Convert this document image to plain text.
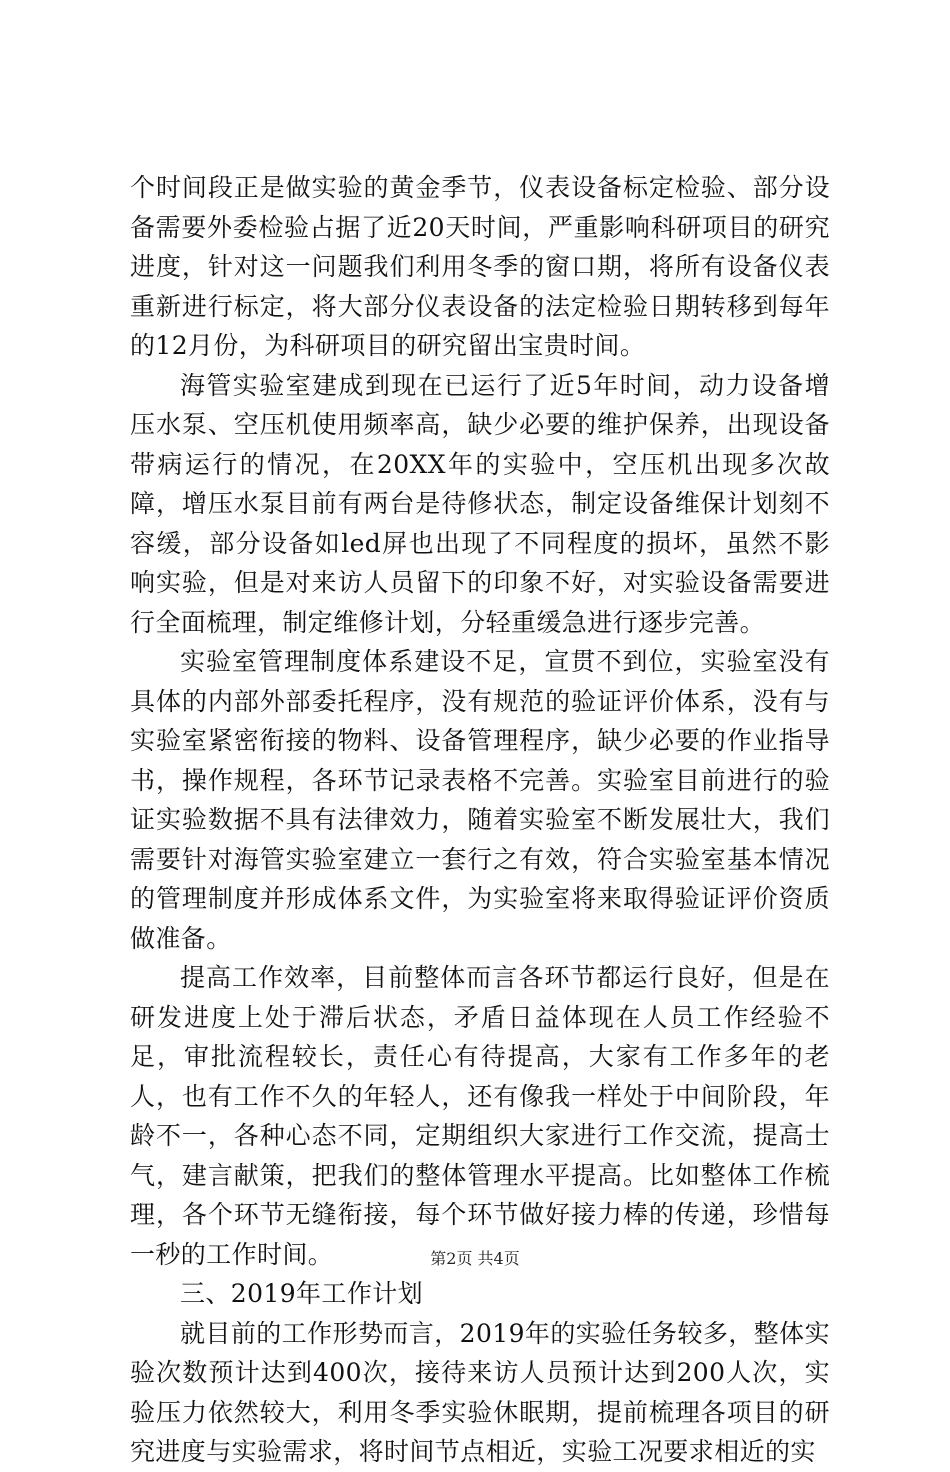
个时间段正是做实验的黄金季节，仪表设备标定检验、部分设备需要外委检验占据了近20天时间，严重影响科研项目的研究进度，针对这一问题我们利用冬季的窗口期，将所有设备仪表重新进行标定，将大部分仪表设备的法定检验日期转移到每年的12月份，为科研项目的研究留出宝贵时间。

海管实验室建成到现在已运行了近5年时间，动力设备增压水泵、空压机使用频率高，缺少必要的维护保养，出现设备带病运行的情况，在20XX年的实验中，空压机出现多次故障，增压水泵目前有两台是待修状态，制定设备维保计划刻不容缓，部分设备如led屏也出现了不同程度的损坏，虽然不影响实验，但是对来访人员留下的印象不好，对实验设备需要进行全面梳理，制定维修计划，分轻重缓急进行逐步完善。

实验室管理制度体系建设不足，宣贯不到位，实验室没有具体的内部外部委托程序，没有规范的验证评价体系，没有与实验室紧密衔接的物料、设备管理程序，缺少必要的作业指导书，操作规程，各环节记录表格不完善。实验室目前进行的验证实验数据不具有法律效力，随着实验室不断发展壮大，我们需要针对海管实验室建立一套行之有效，符合实验室基本情况的管理制度并形成体系文件，为实验室将来取得验证评价资质做准备。

提高工作效率，目前整体而言各环节都运行良好，但是在研发进度上处于滞后状态，矛盾日益体现在人员工作经验不足，审批流程较长，责任心有待提高，大家有工作多年的老人，也有工作不久的年轻人，还有像我一样处于中间阶段，年龄不一，各种心态不同，定期组织大家进行工作交流，提高士气，建言献策，把我们的整体管理水平提高。比如整体工作梳理，各个环节无缝衔接，每个环节做好接力棒的传递，珍惜每一秒的工作时间。

三、2019年工作计划

就目前的工作形势而言，2019年的实验任务较多，整体实验次数预计达到400次，接待来访人员预计达到200人次，实验压力依然较大，利用冬季实验休眠期，提前梳理各项目的研究进度与实验需求，将时间节点相近，实验工况要求相近的实

第2页 共4页
